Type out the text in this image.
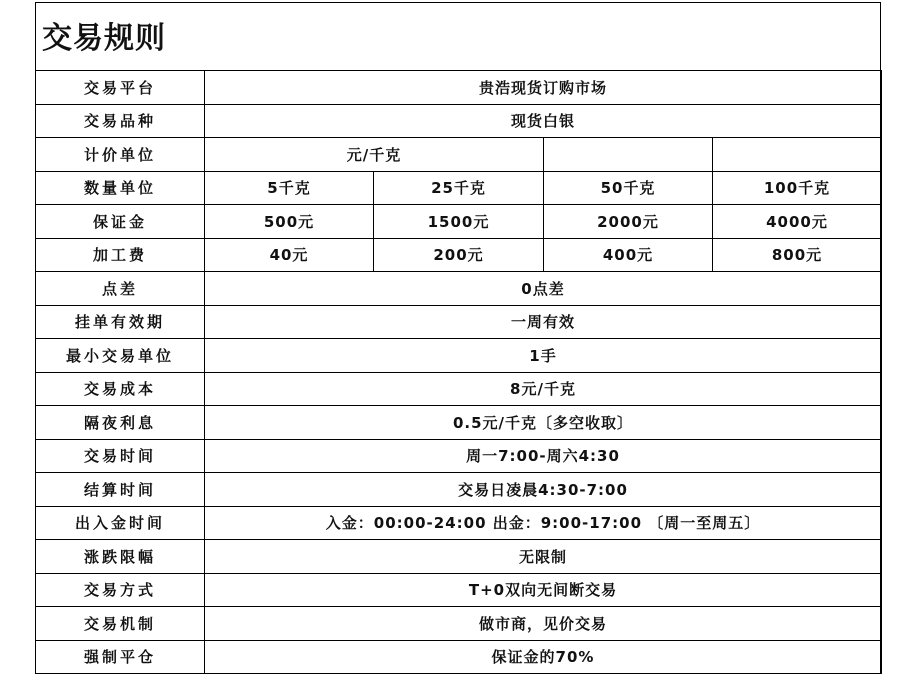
交易规则
交易平台	贵浩现货订购市场			
交易品种	现货白银			
计价单位	元/千克			
数量单位	5千克	25千克	50千克	100千克
保证金	500元	1500元	2000元	4000元
加工费	40元	200元	400元	800元
点差	0点差			
挂单有效期	一周有效			
最小交易单位	1手			
交易成本	8元/千克			
隔夜利息	0.5元/千克〔多空收取〕			
交易时间	周一7:00-周六4:30			
结算时间	交易日凌晨4:30-7:00			
出入金时间	入金：00:00-24:00 出金：9:00-17:00 〔周一至周五〕			
涨跌限幅	无限制			
交易方式	T+0双向无间断交易			
交易机制	做市商，见价交易			
强制平仓	保证金的70%			
